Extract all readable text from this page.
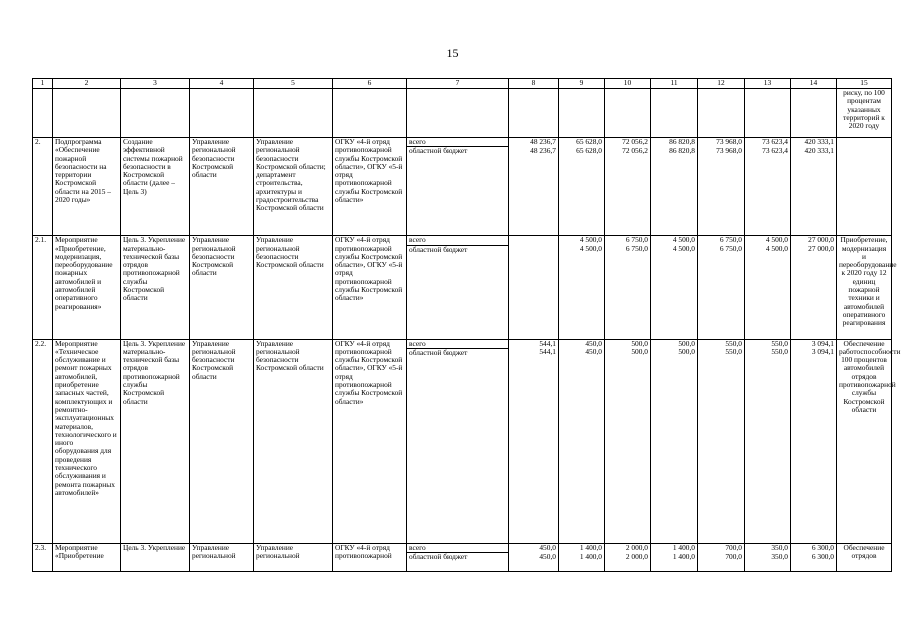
15
1	2	3	4	5	6	7	8	9	10	11	12	13	14	15
														риску, по 100 процентам указанных территорий к 2020 году
2.	Подпрограмма «Обеспечение пожарной безопасности на территории Костромской области на 2015 – 2020 годы»	Создание эффективной системы пожарной безопасности в Костромской области (далее – Цель 3)	Управление региональной безопасности Костромской области	Управление региональной безопасности Костромской области; департамент строительства, архитектуры и градостроительства Костромской области	ОГКУ «4-й отряд противопожарной службы Костромской области», ОГКУ «5-й отряд противопожарной службы Костромской области»	всего	48 236,7	65 628,0	72 056,2	86 820,8	73 968,0	73 623,4	420 333,1	
						областной бюджет	48 236,7	65 628,0	72 056,2	86 820,8	73 968,0	73 623,4	420 333,1	
2.1.	Мероприятие «Приобретение, модернизация, переоборудование пожарных автомобилей и автомобилей оперативного реагирования»	Цель 3. Укрепление материально-технической базы отрядов противопожарной службы Костромской области	Управление региональной безопасности Костромской области	Управление региональной безопасности Костромской области	ОГКУ «4-й отряд противопожарной службы Костромской области», ОГКУ «5-й отряд противопожарной службы Костромской области»	всего		4 500,0	6 750,0	4 500,0	6 750,0	4 500,0	27 000,0	Приобретение, модернизация и переоборудование к 2020 году 12 единиц пожарной техники и автомобилей оперативного реагирования
						областной бюджет		4 500,0	6 750,0	4 500,0	6 750,0	4 500,0	27 000,0	
2.2.	Мероприятие «Техническое обслуживание и ремонт пожарных автомобилей, приобретение запасных частей, комплектующих и ремонтно-эксплуатационных материалов, технологического и иного оборудования для проведения технического обслуживания и ремонта пожарных автомобилей»	Цель 3. Укрепление материально-технической базы отрядов противопожарной службы Костромской области	Управление региональной безопасности Костромской области	Управление региональной безопасности Костромской области	ОГКУ «4-й отряд противопожарной службы Костромской области», ОГКУ «5-й отряд противопожарной службы Костромской области»	всего	544,1	450,0	500,0	500,0	550,0	550,0	3 094,1	Обеспечение работоспособности 100 процентов автомобилей отрядов противопожарной службы Костромской области
						областной бюджет	544,1	450,0	500,0	500,0	550,0	550,0	3 094,1	
2.3.	Мероприятие «Приобретение	Цель 3. Укрепление	Управление региональной	Управление региональной	ОГКУ «4-й отряд противопожарной	всего	450,0	1 400,0	2 000,0	1 400,0	700,0	350,0	6 300,0	Обеспечение отрядов
						областной бюджет	450,0	1 400,0	2 000,0	1 400,0	700,0	350,0	6 300,0	
